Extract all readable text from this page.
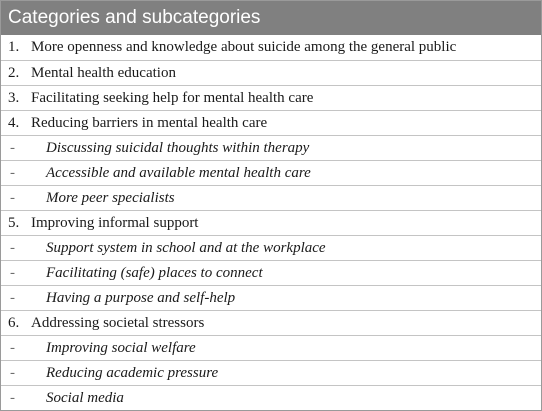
Categories and subcategories
1. More openness and knowledge about suicide among the general public
2. Mental health education
3. Facilitating seeking help for mental health care
4. Reducing barriers in mental health care
-	Discussing suicidal thoughts within therapy
-	Accessible and available mental health care
-	More peer specialists
5. Improving informal support
-	Support system in school and at the workplace
-	Facilitating (safe) places to connect
-	Having a purpose and self-help
6. Addressing societal stressors
-	Improving social welfare
-	Reducing academic pressure
-	Social media
